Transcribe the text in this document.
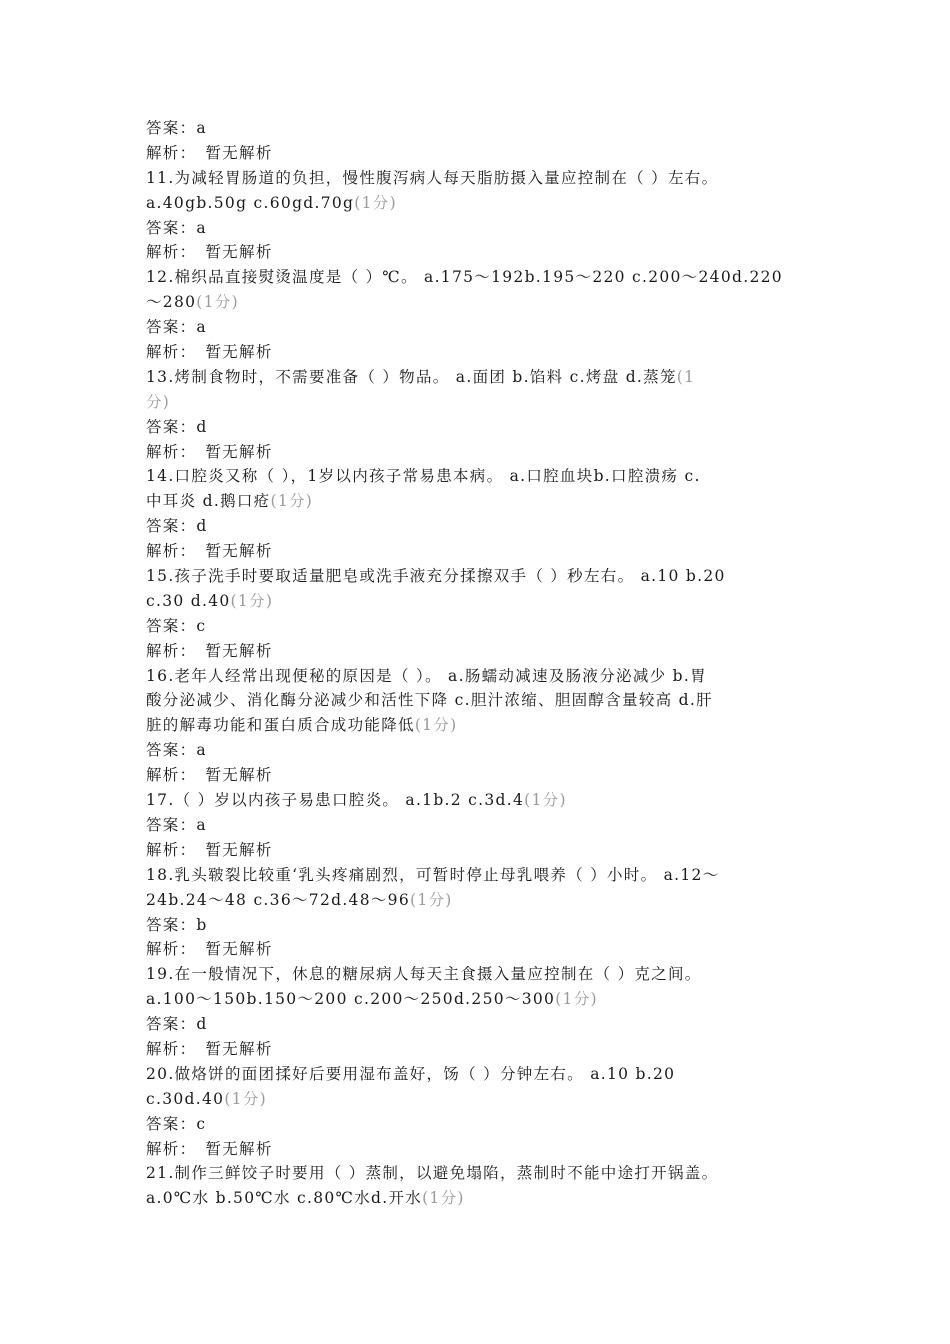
答案：a
解析：　暂无解析
11.为减轻胃肠道的负担，慢性腹泻病人每天脂肪摄入量应控制在（ ）左右。
a.40gb.50g c.60gd.70g(1分)
答案：a
解析：　暂无解析
12.棉织品直接熨烫温度是（ ）℃。 a.175～192b.195～220 c.200～240d.220
～280(1分)
答案：a
解析：　暂无解析
13.烤制食物时，不需要准备（ ）物品。 a.面团 b.馅料 c.烤盘 d.蒸笼(1
分)
答案：d
解析：　暂无解析
14.口腔炎又称（ ），1岁以内孩子常易患本病。 a.口腔血块b.口腔溃疡 c.
中耳炎 d.鹅口疮(1分)
答案：d
解析：　暂无解析
15.孩子洗手时要取适量肥皂或洗手液充分揉擦双手（ ）秒左右。 a.10 b.20
c.30 d.40(1分)
答案：c
解析：　暂无解析
16.老年人经常出现便秘的原因是（ ）。 a.肠蠕动减速及肠液分泌减少 b.胃
酸分泌减少、消化酶分泌减少和活性下降 c.胆汁浓缩、胆固醇含量较高 d.肝
脏的解毒功能和蛋白质合成功能降低(1分)
答案：a
解析：　暂无解析
17.（ ）岁以内孩子易患口腔炎。 a.1b.2 c.3d.4(1分)
答案：a
解析：　暂无解析
18.乳头皲裂比较重‘乳头疼痛剧烈，可暂时停止母乳喂养（ ）小时。 a.12～
24b.24～48 c.36～72d.48～96(1分)
答案：b
解析：　暂无解析
19.在一般情况下，休息的糖尿病人每天主食摄入量应控制在（ ）克之间。
a.100～150b.150～200 c.200～250d.250～300(1分)
答案：d
解析：　暂无解析
20.做烙饼的面团揉好后要用湿布盖好，饧（ ）分钟左右。 a.10 b.20
c.30d.40(1分)
答案：c
解析：　暂无解析
21.制作三鲜饺子时要用（ ）蒸制，以避免塌陷，蒸制时不能中途打开锅盖。
a.0℃水 b.50℃水 c.80℃水d.开水(1分)
